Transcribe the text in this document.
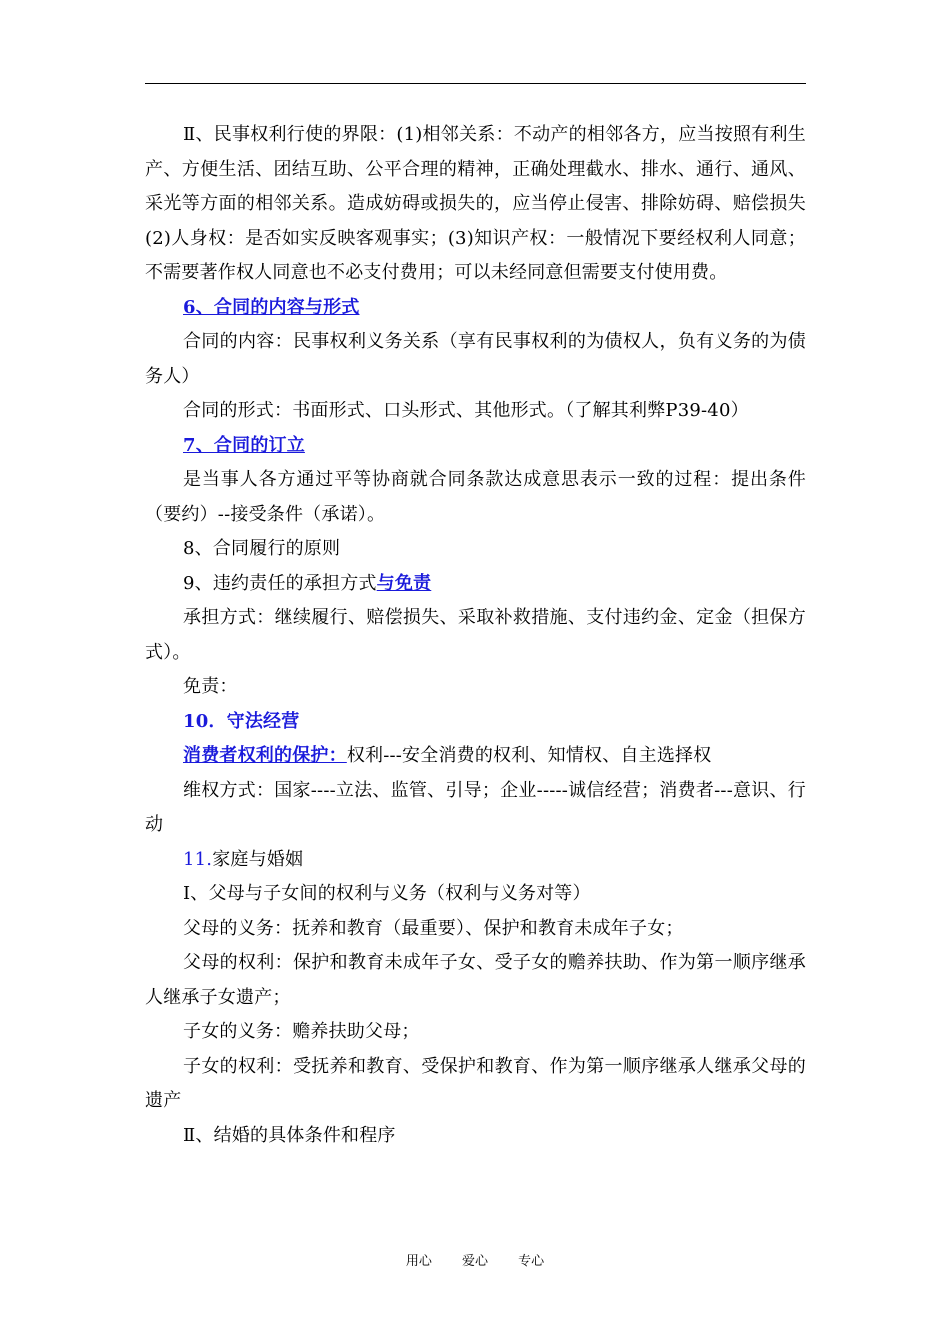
Ⅱ、民事权利行使的界限：(1)相邻关系：不动产的相邻各方，应当按照有利生产、方便生活、团结互助、公平合理的精神，正确处理截水、排水、通行、通风、采光等方面的相邻关系。造成妨碍或损失的，应当停止侵害、排除妨碍、赔偿损失(2)人身权：是否如实反映客观事实；(3)知识产权：一般情况下要经权利人同意；不需要著作权人同意也不必支付费用；可以未经同意但需要支付使用费。

6、合同的内容与形式

合同的内容：民事权利义务关系（享有民事权利的为债权人，负有义务的为债务人）

合同的形式：书面形式、口头形式、其他形式。（了解其利弊P39-40）

7、合同的订立

是当事人各方通过平等协商就合同条款达成意思表示一致的过程：提出条件（要约）--接受条件（承诺）。

8、合同履行的原则

9、违约责任的承担方式与免责

承担方式：继续履行、赔偿损失、采取补救措施、支付违约金、定金（担保方式）。

免责：

10．守法经营

消费者权利的保护：权利---安全消费的权利、知情权、自主选择权

维权方式：国家----立法、监管、引导；企业-----诚信经营；消费者---意识、行动

11.家庭与婚姻

Ⅰ、父母与子女间的权利与义务（权利与义务对等）

父母的义务：抚养和教育（最重要）、保护和教育未成年子女；

父母的权利：保护和教育未成年子女、受子女的赡养扶助、作为第一顺序继承人继承子女遗产；

子女的义务：赡养扶助父母；

子女的权利：受抚养和教育、受保护和教育、作为第一顺序继承人继承父母的遗产

Ⅱ、结婚的具体条件和程序

用心 爱心 专心
